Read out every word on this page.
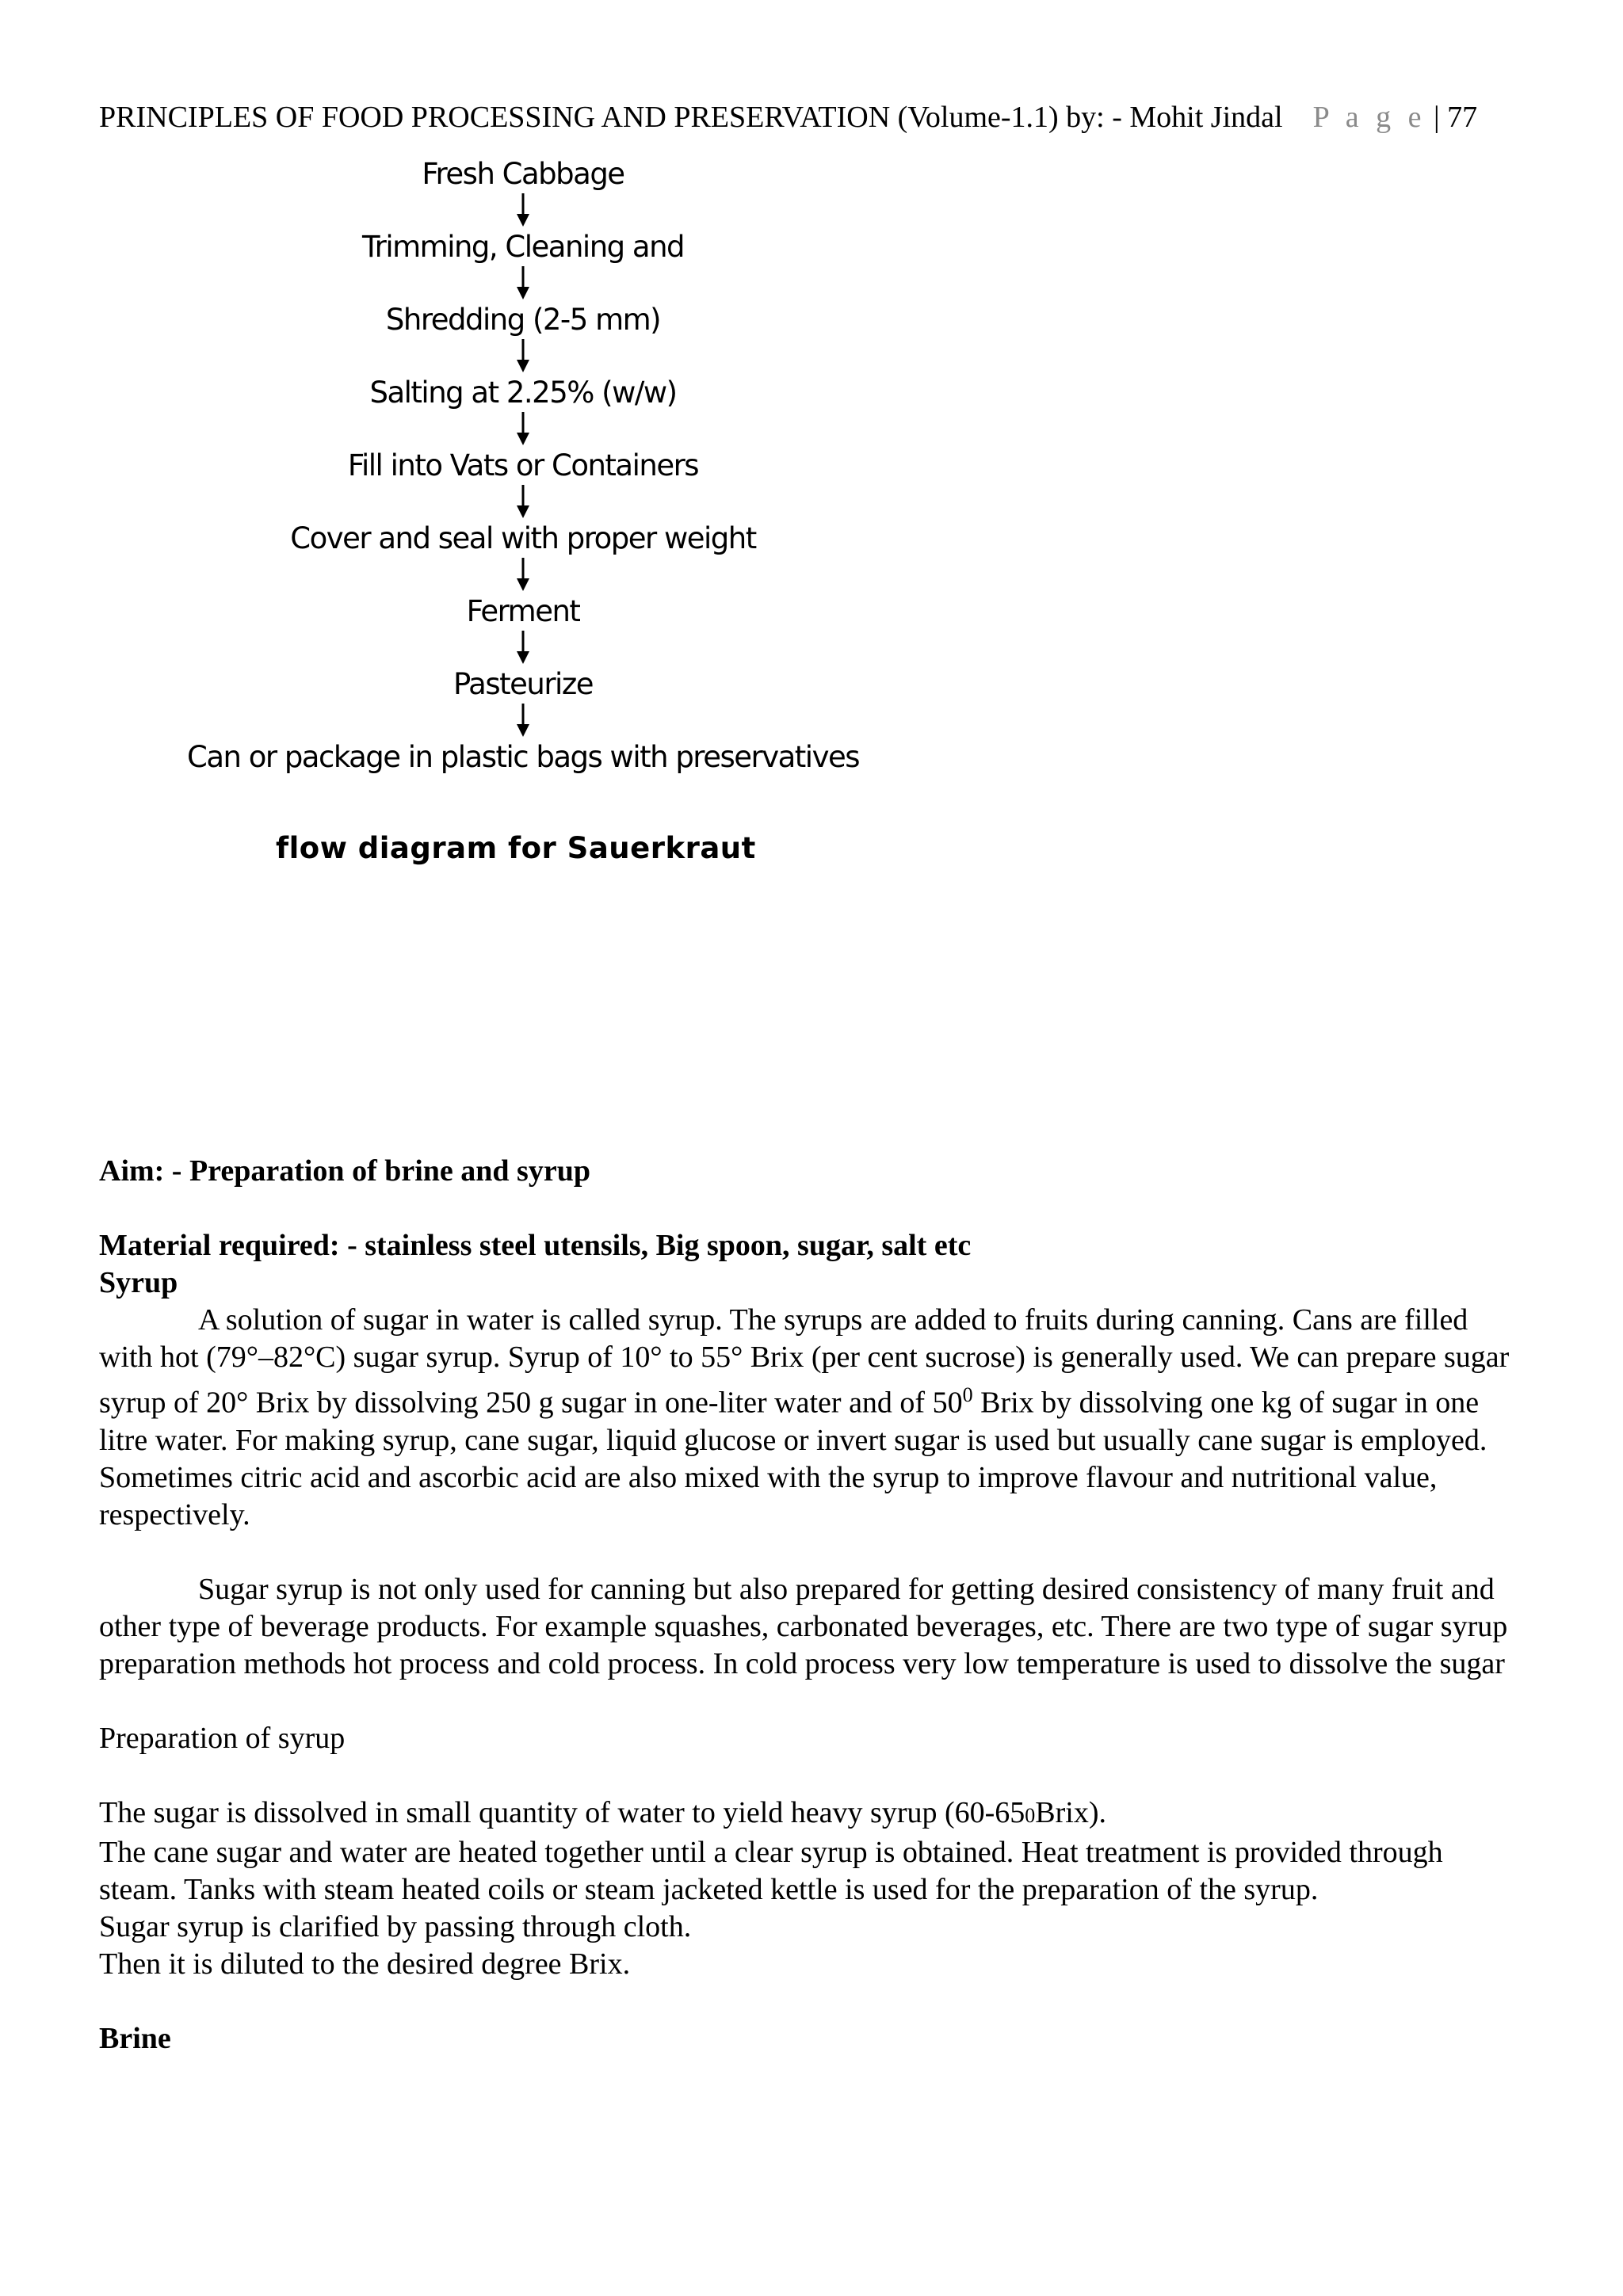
PRINCIPLES OF FOOD PROCESSING AND PRESERVATION (Volume-1.1) by: - Mohit Jindal P a g e | 77
Fresh Cabbage
Trimming, Cleaning and
Shredding (2-5 mm)
Salting at 2.25% (w/w)
Fill into Vats or Containers
Cover and seal with proper weight
Ferment
Pasteurize
Can or package in plastic bags with preservatives
flow diagram for Sauerkraut

Aim: - Preparation of brine and syrup

Material required: - stainless steel utensils, Big spoon, sugar, salt etc

Syrup

A solution of sugar in water is called syrup. The syrups are added to fruits during canning. Cans are filled with hot (79°–82°C) sugar syrup. Syrup of 10° to 55° Brix (per cent sucrose) is generally used. We can prepare sugar syrup of 20° Brix by dissolving 250 g sugar in one-liter water and of $50^0$ Brix by dissolving one kg of sugar in one litre water. For making syrup, cane sugar, liquid glucose or invert sugar is used but usually cane sugar is employed. Sometimes citric acid and ascorbic acid are also mixed with the syrup to improve flavour and nutritional value, respectively.

Sugar syrup is not only used for canning but also prepared for getting desired consistency of many fruit and other type of beverage products. For example squashes, carbonated beverages, etc. There are two type of sugar syrup preparation methods hot process and cold process. In cold process very low temperature is used to dissolve the sugar

Preparation of syrup

The sugar is dissolved in small quantity of water to yield heavy syrup (60-650Brix).

The cane sugar and water are heated together until a clear syrup is obtained. Heat treatment is provided through steam. Tanks with steam heated coils or steam jacketed kettle is used for the preparation of the syrup.

Sugar syrup is clarified by passing through cloth.

Then it is diluted to the desired degree Brix.

Brine
